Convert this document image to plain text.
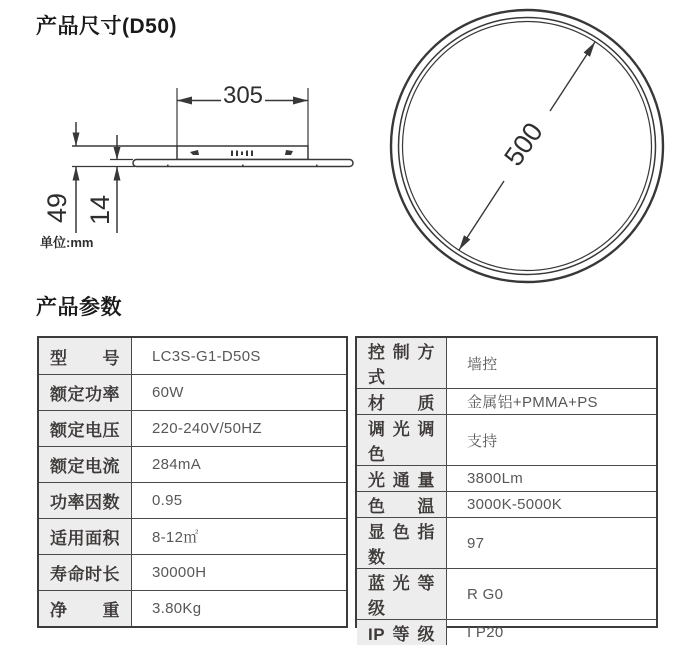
产品尺寸(D50)
305
49 14
单位:mm
500
产品参数
型号 LC3S-G1-D50S
额定功率 60W
额定电压 220-240V/50HZ
额定电流 284mA
功率因数 0.95
适用面积 8-12㎡
寿命时长 30000H
净重 3.80Kg
控制方式
墙控
材质 金属铝+PMMA+PS
调光调色
支持
光通量 3800Lm
色温 3000K-5000K
显色指数
97
蓝光等级
R G0
IP等级 I P20
